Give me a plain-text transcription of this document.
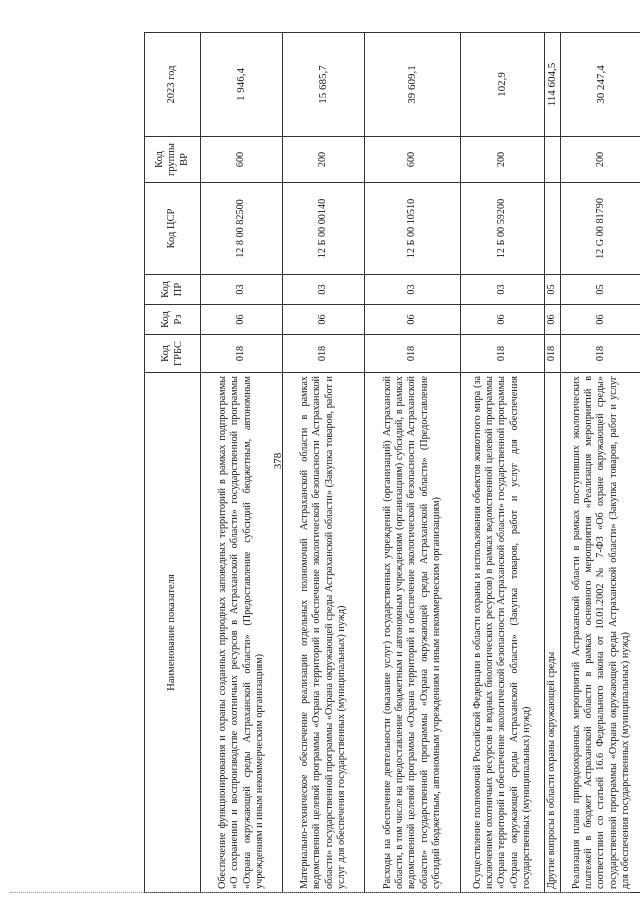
378
Наименование показателя	Код ГРБС	Код Рз	Код ПР	Код ЦСР	Код группы ВР	2023 год
Обеспечение функционирования и охраны созданных природных заповедных территорий в рамках подпрограммы «О сохранении и воспроизводстве охотничьих ресурсов в Астраханской области» государственной программы «Охрана окружающей среды Астраханской области» (Предоставление субсидий бюджетным, автономным учреждениям и иным некоммерческим организациям)	018	06	03	12 8 00 82500	600	1 946,4
Материально-техническое обеспечение реализации отдельных полномочий Астраханской области в рамках ведомственной целевой программы «Охрана территорий и обеспечение экологической безопасности Астраханской области» государственной программы «Охрана окружающей среды Астраханской области» (Закупка товаров, работ и услуг для обеспечения государственных (муниципальных) нужд)	018	06	03	12 Б 00 00140	200	15 685,7
Расходы на обеспечение деятельности (оказание услуг) государственных учреждений (организаций) Астраханской области, в том числе на предоставление бюджетным и автономным учреждениям (организациям) субсидий, в рамках ведомственной целевой программы «Охрана территорий и обеспечение экологической безопасности Астраханской области» государственной программы «Охрана окружающей среды Астраханской области» (Предоставление субсидий бюджетным, автономным учреждениям и иным некоммерческим организациям)	018	06	03	12 Б 00 10510	600	39 609,1
Осуществление полномочий Российской Федерации в области охраны и использования объектов животного мира (за исключением охотничьих ресурсов и водных биологических ресурсов) в рамках ведомственной целевой программы «Охрана территорий и обеспечение экологической безопасности Астраханской области» государственной программы «Охрана окружающей среды Астраханской области» (Закупка товаров, работ и услуг для обеспечения государственных (муниципальных) нужд)	018	06	03	12 Б 00 59200	200	102,9
Другие вопросы в области охраны окружающей среды	018	06	05			114 604,5
Реализация плана природоохранных мероприятий Астраханской области в рамках поступивших экологических платежей в бюджет Астраханской области в рамках основного мероприятия «Реализация мероприятий в соответствии со статьей 16.6 Федерального закона от 10.01.2002 № 7-ФЗ «Об охране окружающей среды» государственной программы «Охрана окружающей среды Астраханской области» (Закупка товаров, работ и услуг для обеспечения государственных (муниципальных) нужд)	018	06	05	12 G 00 81790	200	30 247,4
